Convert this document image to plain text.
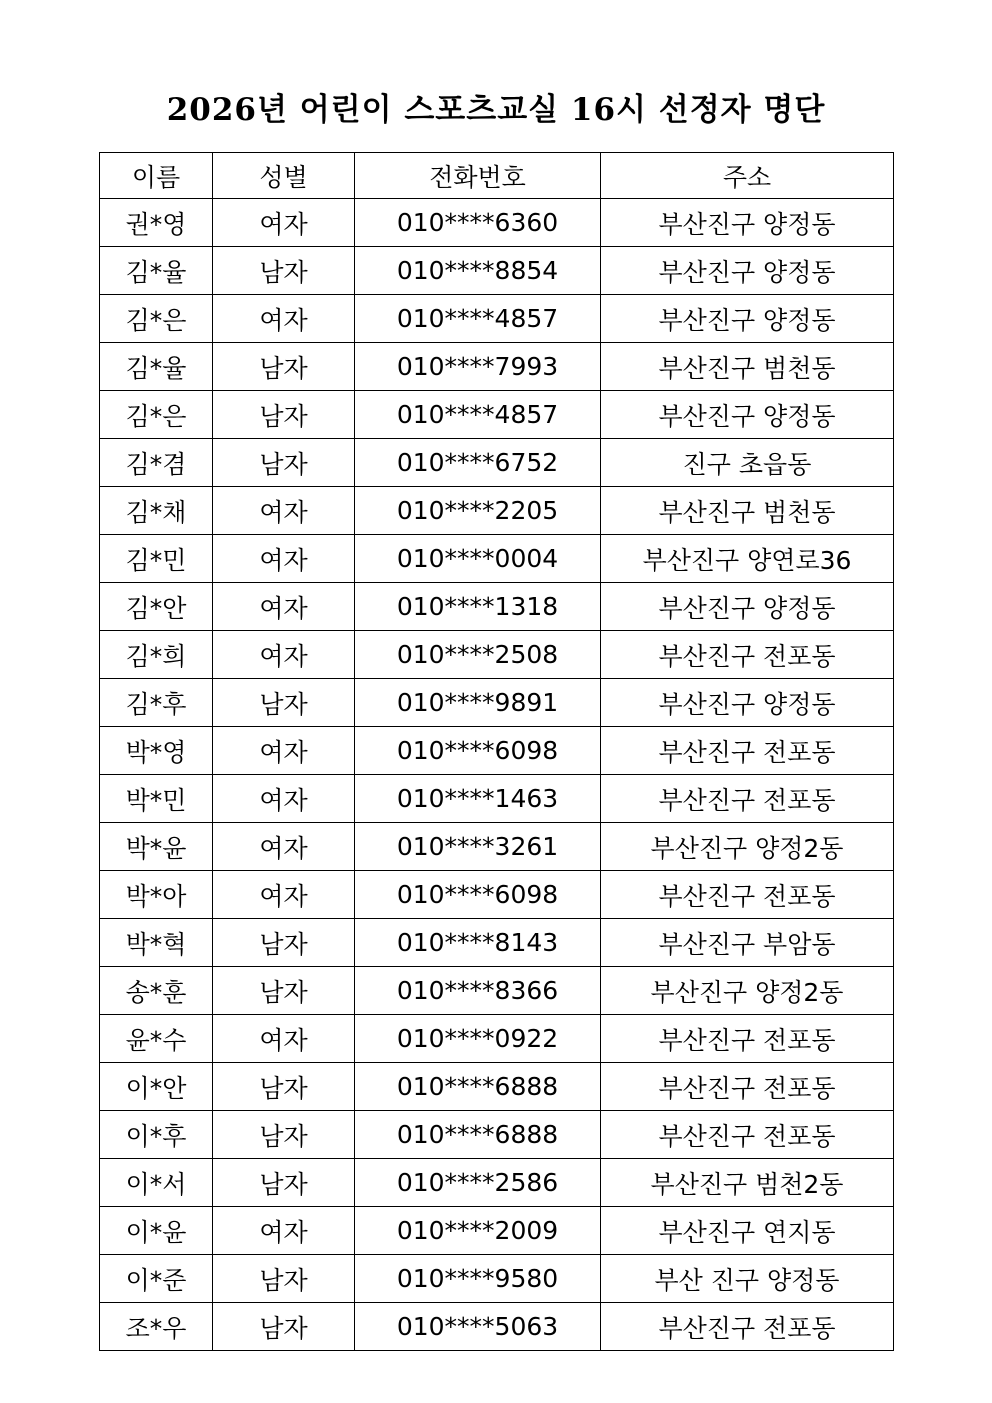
2026년 어린이 스포츠교실 16시 선정자 명단
이름	성별	전화번호	주소
권*영	여자	010****6360	부산진구 양정동
김*율	남자	010****8854	부산진구 양정동
김*은	여자	010****4857	부산진구 양정동
김*율	남자	010****7993	부산진구 범천동
김*은	남자	010****4857	부산진구 양정동
김*겸	남자	010****6752	진구 초읍동
김*채	여자	010****2205	부산진구 범천동
김*민	여자	010****0004	부산진구 양연로36
김*안	여자	010****1318	부산진구 양정동
김*희	여자	010****2508	부산진구 전포동
김*후	남자	010****9891	부산진구 양정동
박*영	여자	010****6098	부산진구 전포동
박*민	여자	010****1463	부산진구 전포동
박*윤	여자	010****3261	부산진구 양정2동
박*아	여자	010****6098	부산진구 전포동
박*혁	남자	010****8143	부산진구 부암동
송*훈	남자	010****8366	부산진구 양정2동
윤*수	여자	010****0922	부산진구 전포동
이*안	남자	010****6888	부산진구 전포동
이*후	남자	010****6888	부산진구 전포동
이*서	남자	010****2586	부산진구 범천2동
이*윤	여자	010****2009	부산진구 연지동
이*준	남자	010****9580	부산 진구 양정동
조*우	남자	010****5063	부산진구 전포동
